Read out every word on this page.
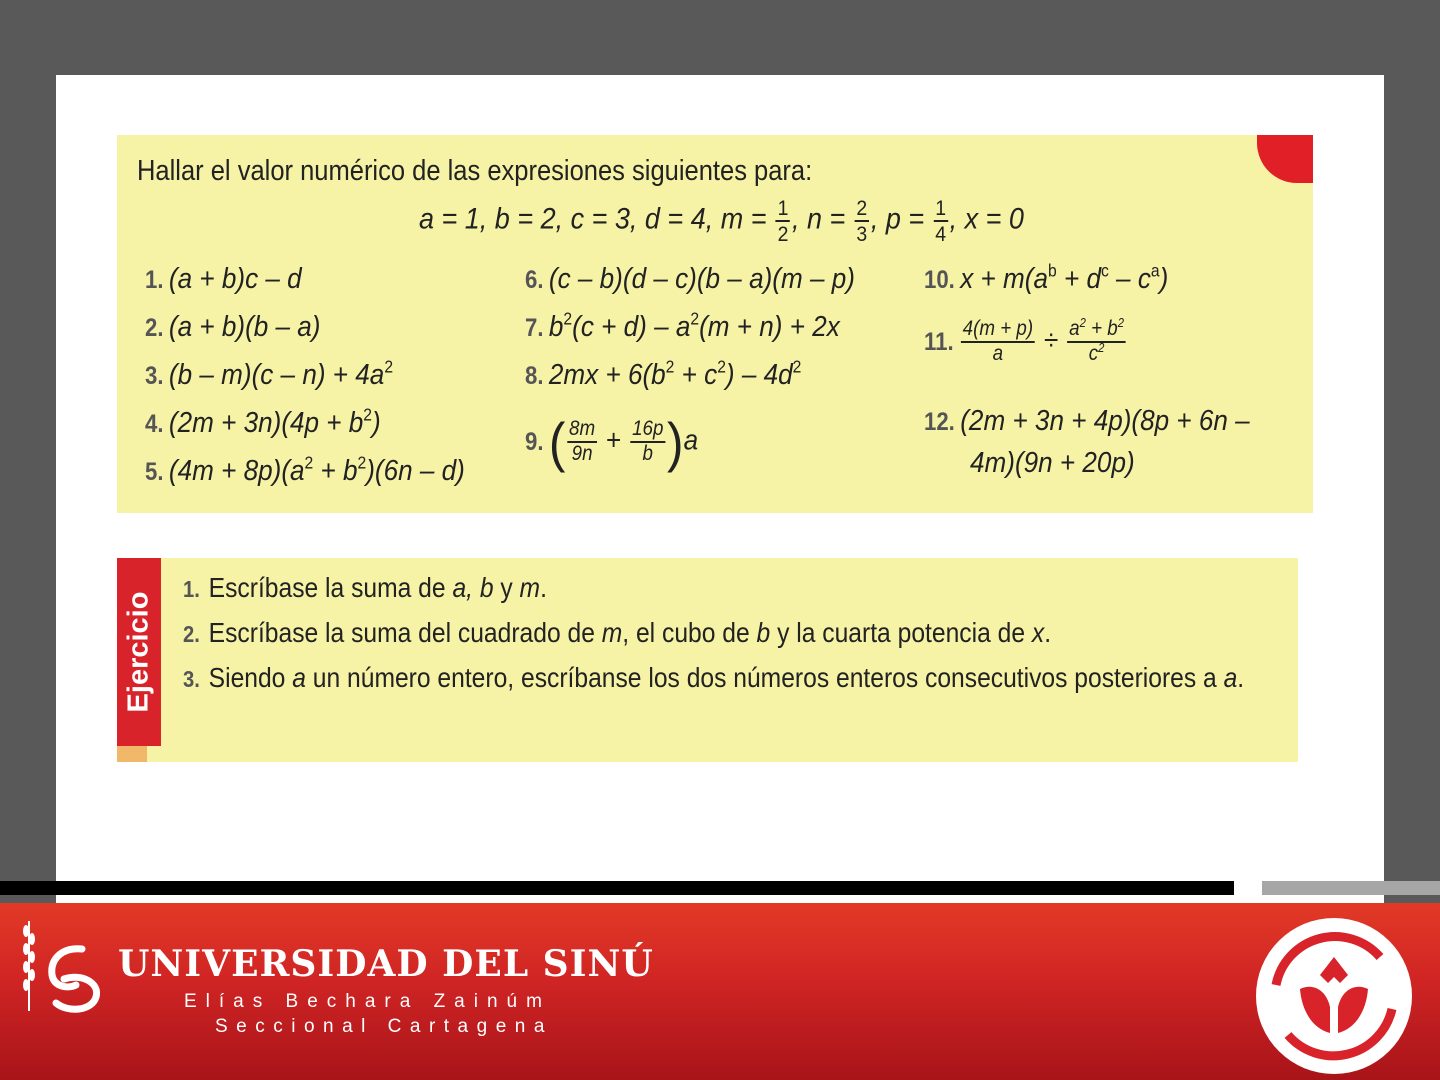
Hallar el valor numérico de las expresiones siguientes para:
a = 1, b = 2, c = 3, d = 4, $m = \frac{1}{2}$ , $n = \frac{2}{3}$ , $p = \frac{1}{4}$ , x = 0
1. (a + b)c – d
2. (a + b)(b – a)
3. $(b - m)(c - n) + 4a^2$
4. $(2m + 3n)(4p + b^2)$
5. $(4m + 8p)(a^2 + b^2)(6n - d)$
6. (c – b)(d – c)(b – a)(m – p)
7. $b^2(c + d) - a^2(m + n) + 2x$
8. $2mx + 6(b^2 + c^2) - 4d^2$
$9.( \frac{8m}{9n} + \frac{16p}{b} )a$
10. $x + m(a^b + d^c - c^a)$
11. $\frac{4(m + p)}{a} \div \frac{a^2 + b^2}{c^2}$
12. (2m + 3n + 4p)(8p + 6n –
4m)(9n + 20p)
Ejercicio
1. Escríbase la suma de a, b y m.
2. Escríbase la suma del cuadrado de m, el cubo de b y la cuarta potencia de x.
3. Siendo a un número entero, escríbanse los dos números enteros consecutivos posteriores a a.
UNIVERSIDAD DEL SINÚ
Elías Bechara Zainúm
Seccional Cartagena
